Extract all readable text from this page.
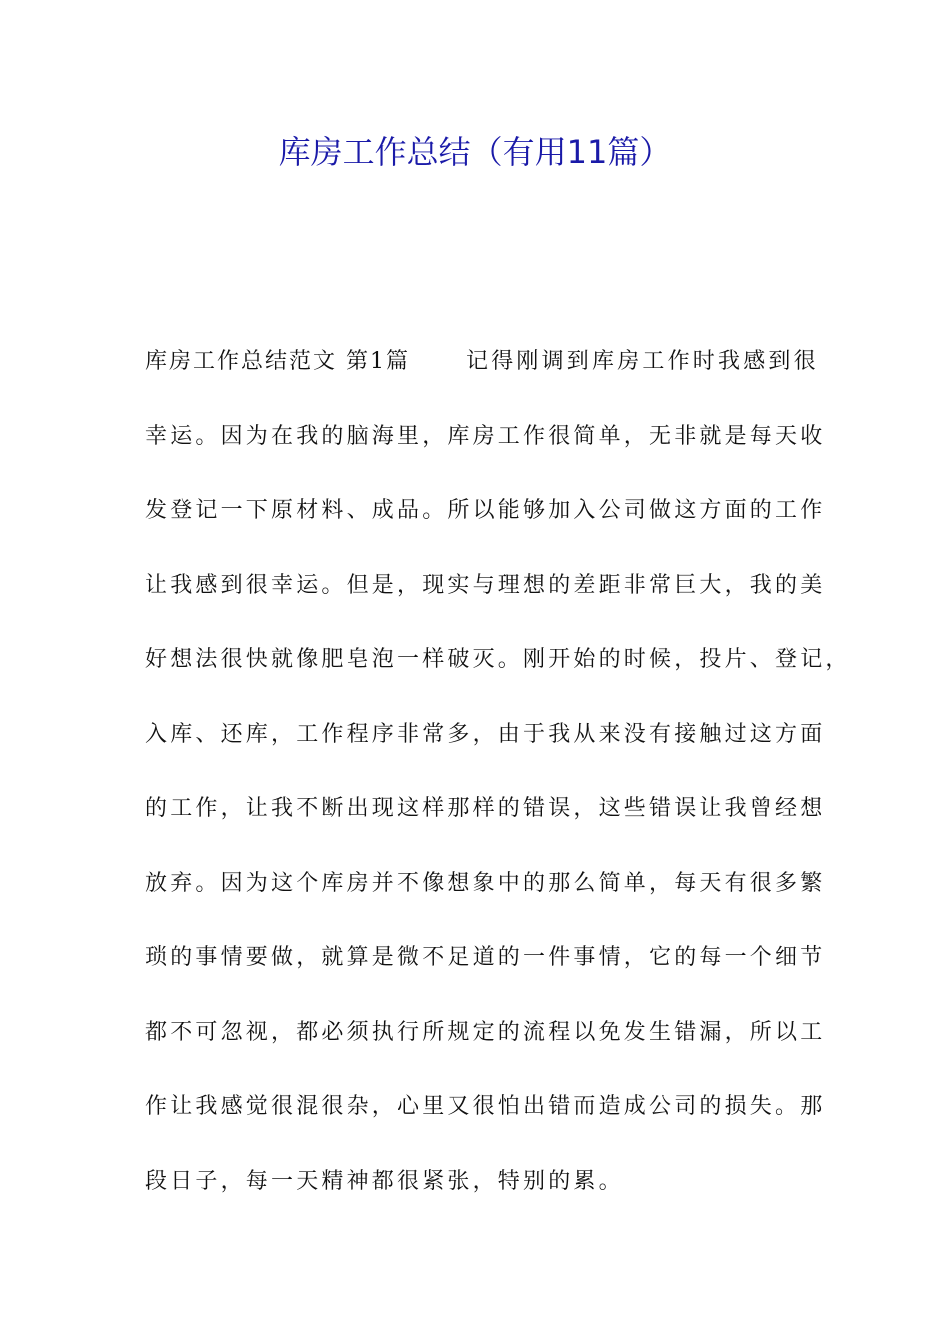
库房工作总结（有用11篇）
库房工作总结范文 第1篇	记得刚调到库房工作时我感到很
幸运。因为在我的脑海里，库房工作很简单，无非就是每天收
发登记一下原材料、成品。所以能够加入公司做这方面的工作
让我感到很幸运。但是，现实与理想的差距非常巨大，我的美
好想法很快就像肥皂泡一样破灭。刚开始的时候，投片、登记，
入库、还库，工作程序非常多，由于我从来没有接触过这方面
的工作，让我不断出现这样那样的错误，这些错误让我曾经想
放弃。因为这个库房并不像想象中的那么简单，每天有很多繁
琐的事情要做，就算是微不足道的一件事情，它的每一个细节
都不可忽视，都必须执行所规定的流程以免发生错漏，所以工
作让我感觉很混很杂，心里又很怕出错而造成公司的损失。那
段日子，每一天精神都很紧张，特别的累。
